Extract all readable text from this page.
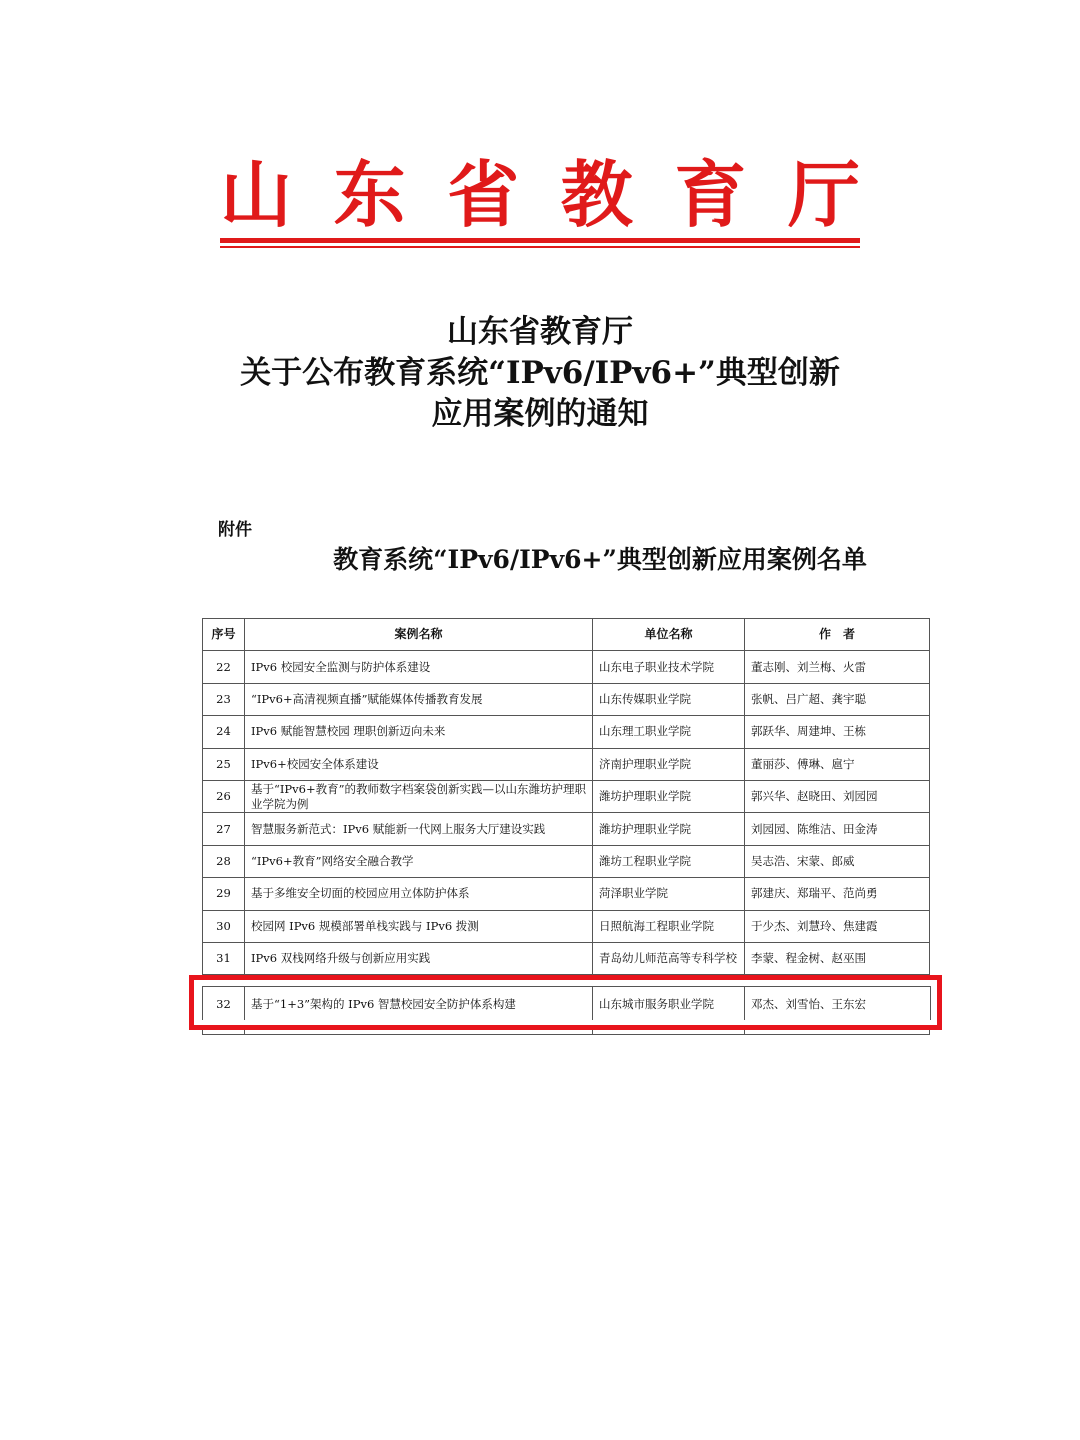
山 东 省 教 育 厅
山东省教育厅
关于公布教育系统“IPv6/IPv6+”典型创新
应用案例的通知
附件
教育系统“IPv6/IPv6+”典型创新应用案例名单
序号	案例名称	单位名称	作　者
22	IPv6 校园安全监测与防护体系建设	山东电子职业技术学院	董志刚、刘兰梅、火雷
23	“IPv6+高清视频直播”赋能媒体传播教育发展	山东传媒职业学院	张帆、吕广超、龚宇聪
24	IPv6 赋能智慧校园 理职创新迈向未来	山东理工职业学院	郭跃华、周建坤、王栋
25	IPv6+校园安全体系建设	济南护理职业学院	董丽莎、傅琳、扈宁
26	基于“IPv6+教育”的教师数字档案袋创新实践—以山东潍坊护理职业学院为例	潍坊护理职业学院	郭兴华、赵晓田、刘园园
27	智慧服务新范式：IPv6 赋能新一代网上服务大厅建设实践	潍坊护理职业学院	刘园园、陈维洁、田金涛
28	“IPv6+教育”网络安全融合教学	潍坊工程职业学院	吴志浩、宋蒙、郎威
29	基于多维安全切面的校园应用立体防护体系	菏泽职业学院	郭建庆、郑瑞平、范尚勇
30	校园网 IPv6 规模部署单栈实践与 IPv6 拨测	日照航海工程职业学院	于少杰、刘慧玲、焦建霞
31	IPv6 双栈网络升级与创新应用实践	青岛幼儿师范高等专科学校	李蒙、程金树、赵巫围

32	基于“1+3”架构的 IPv6 智慧校园安全防护体系构建	山东城市服务职业学院	邓杰、刘雪怡、王东宏
